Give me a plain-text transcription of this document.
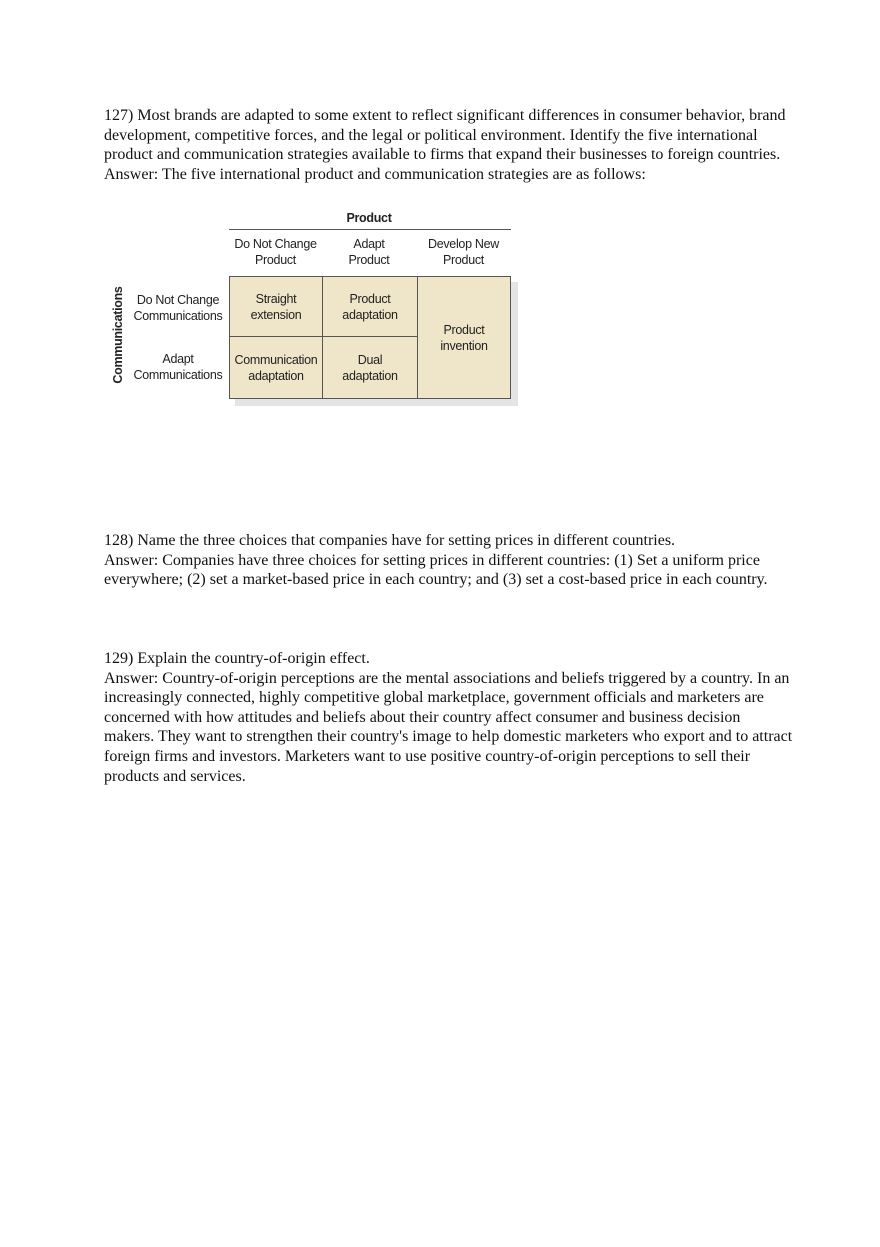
127) Most brands are adapted to some extent to reflect significant differences in consumer behavior, brand development, competitive forces, and the legal or political environment. Identify the five international product and communication strategies available to firms that expand their businesses to foreign countries.

Answer: The five international product and communication strategies are as follows:

Product
Do Not Change Product
Adapt Product
Develop New Product
Do Not Change Communications
Adapt Communications
Communications	Straight extension
Product adaptation
Communication adaptation
Dual adaptation
Product invention

128) Name the three choices that companies have for setting prices in different countries.

Answer: Companies have three choices for setting prices in different countries: (1) Set a uniform price everywhere; (2) set a market-based price in each country; and (3) set a cost-based price in each country.

129) Explain the country-of-origin effect.

Answer: Country-of-origin perceptions are the mental associations and beliefs triggered by a country. In an increasingly connected, highly competitive global marketplace, government officials and marketers are concerned with how attitudes and beliefs about their country affect consumer and business decision makers. They want to strengthen their country's image to help domestic marketers who export and to attract foreign firms and investors. Marketers want to use positive country-of-origin perceptions to sell their products and services.
